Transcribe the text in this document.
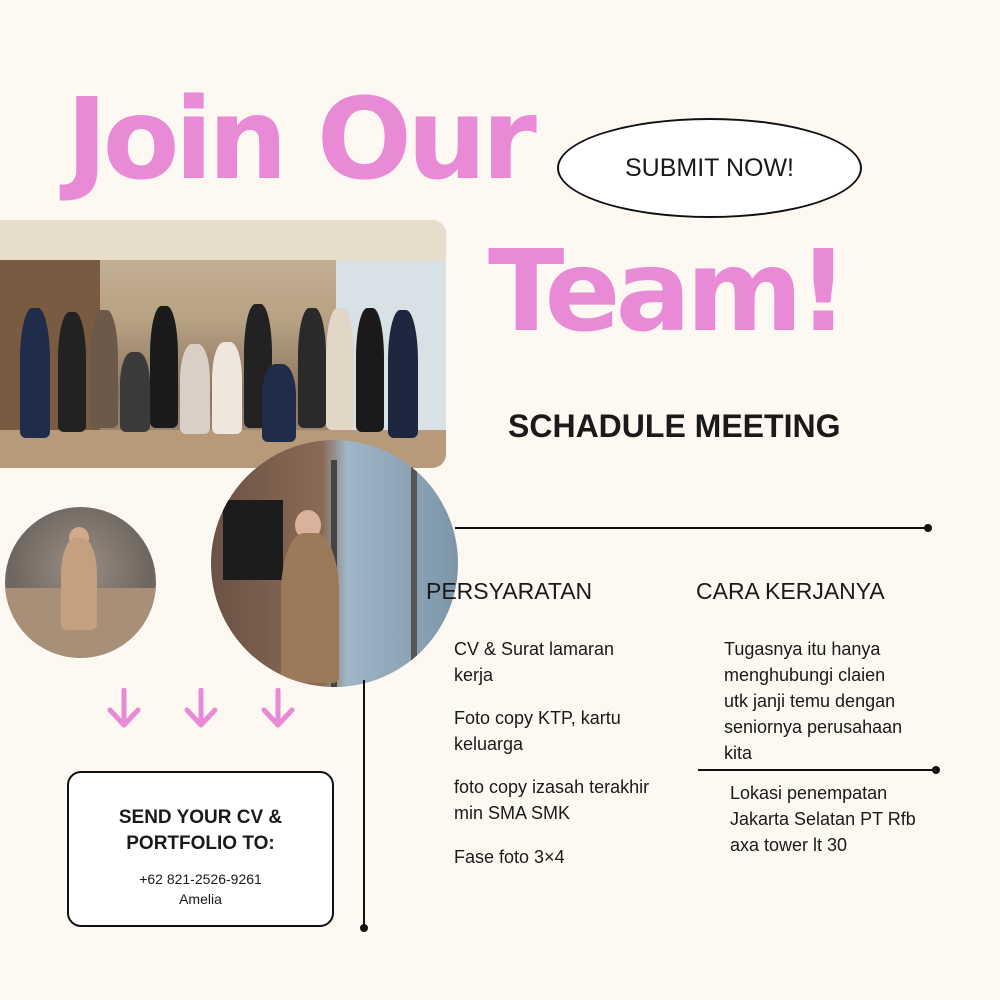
Join Our
Team!
SUBMIT NOW!
SCHADULE MEETING
PERSYARATAN
CV & Surat lamaran kerja
Foto copy KTP, kartu keluarga
foto copy izasah terakhir min SMA SMK
Fase foto 3×4
CARA KERJANYA
Tugasnya itu hanya menghubungi claien utk janji temu dengan seniornya perusahaan kita
Lokasi penempatan Jakarta Selatan PT Rfb axa tower lt 30
SEND YOUR CV & PORTFOLIO TO:
+62 821-2526-9261
Amelia
